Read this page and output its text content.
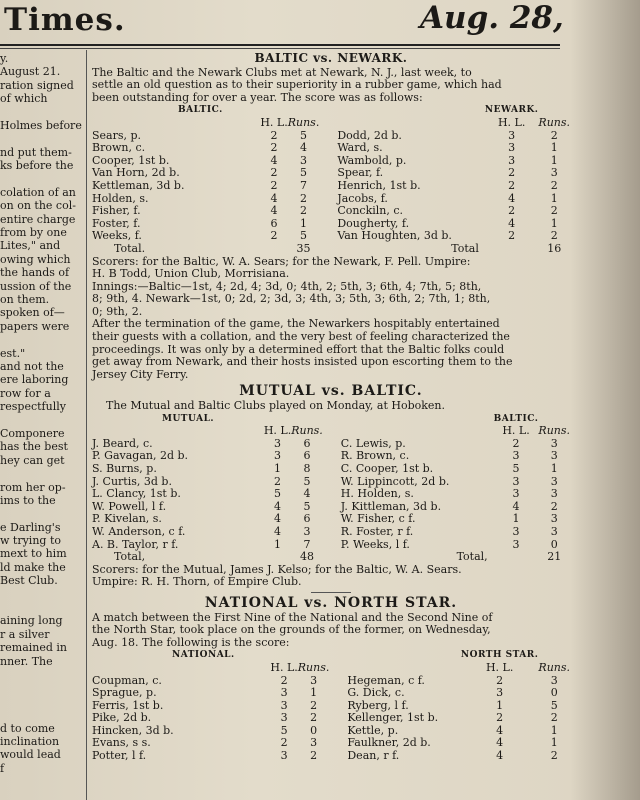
Times.	Aug. 28,
y.
August 21.
ration signed
of which
Holmes before
nd put them-
ks before the
colation of an
on on the col-
entire charge
from by one
Lites," and
owing which
the hands of
ussion of the
on them.
spoken of—
papers were
est."
and not the
ere laboring
row for a
respectfully
Componere
has the best
hey can get
rom her op-
ims to the
e Darling's
w trying to
mext to him
ld make the
Best Club.
aining long
r a silver
remained in
nner. The
d to come
inclination
would lead
f
BALTIC vs. NEWARK.
The Baltic and the Newark Clubs met at Newark, N. J., last week, to
settle an old question as to their superiority in a rubber game, which had
been outstanding for over a year. The score was as follows:
BALTIC.					NEWARK.	
	H. L.	Runs.			H. L.	Runs.
Sears, p.	2	5		Dodd, 2d b.	3	2
Brown, c.	2	4		Ward, s.	3	1
Cooper, 1st b.	4	3		Wambold, p.	3	1
Van Horn, 2d b.	2	5		Spear, f.	2	3
Kettleman, 3d b.	2	7		Henrich, 1st b.	2	2
Holden, s.	4	2		Jacobs, f.	4	1
Fisher, f.	4	2		Conckiln, c.	2	2
Foster, f.	6	1		Dougherty, f.	4	1
Weeks, f.	2	5		Van Houghten, 3d b.	2	2
Total.		35		Total		16
Scorers: for the Baltic, W. A. Sears; for the Newark, F. Pell. Umpire:
H. B Todd, Union Club, Morrisiana.
Innings:—Baltic—1st, 4; 2d, 4; 3d, 0; 4th, 2; 5th, 3; 6th, 4; 7th, 5; 8th,
8; 9th, 4. Newark—1st, 0; 2d, 2; 3d, 3; 4th, 3; 5th, 3; 6th, 2; 7th, 1; 8th,
0; 9th, 2.
After the termination of the game, the Newarkers hospitably entertained
their guests with a collation, and the very best of feeling characterized the
proceedings. It was only by a determined effort that the Baltic folks could
get away from Newark, and their hosts insisted upon escorting them to the
Jersey City Ferry.
MUTUAL vs. BALTIC.
The Mutual and Baltic Clubs played on Monday, at Hoboken.
MUTUAL.					BALTIC.	
	H. L.	Runs.			H. L.	Runs.
J. Beard, c.	3	6		C. Lewis, p.	2	3
P. Gavagan, 2d b.	3	6		R. Brown, c.	3	3
S. Burns, p.	1	8		C. Cooper, 1st b.	5	1
J. Curtis, 3d b.	2	5		W. Lippincott, 2d b.	3	3
L. Clancy, 1st b.	5	4		H. Holden, s.	3	3
W. Powell, l f.	4	5		J. Kittleman, 3d b.	4	2
P. Kivelan, s.	4	6		W. Fisher, c f.	1	3
W. Anderson, c f.	4	3		R. Foster, r f.	3	3
A. B. Taylor, r f.	1	7		P. Weeks, l f.	3	0
Total,		48		Total,		21
Scorers: for the Mutual, James J. Kelso; for the Baltic, W. A. Sears.
Umpire: R. H. Thorn, of Empire Club.
NATIONAL vs. NORTH STAR.
A match between the First Nine of the National and the Second Nine of
the North Star, took place on the grounds of the former, on Wednesday,
Aug. 18. The following is the score:
NATIONAL.					NORTH STAR.	
	H. L.	Runs.			H. L.	Runs.
Coupman, c.	2	3		Hegeman, c f.	2	3
Sprague, p.	3	1		G. Dick, c.	3	0
Ferris, 1st b.	3	2		Ryberg, l f.	1	5
Pike, 2d b.	3	2		Kellenger, 1st b.	2	2
Hincken, 3d b.	5	0		Kettle, p.	4	1
Evans, s s.	2	3		Faulkner, 2d b.	4	1
Potter, l f.	3	2		Dean, r f.	4	2
